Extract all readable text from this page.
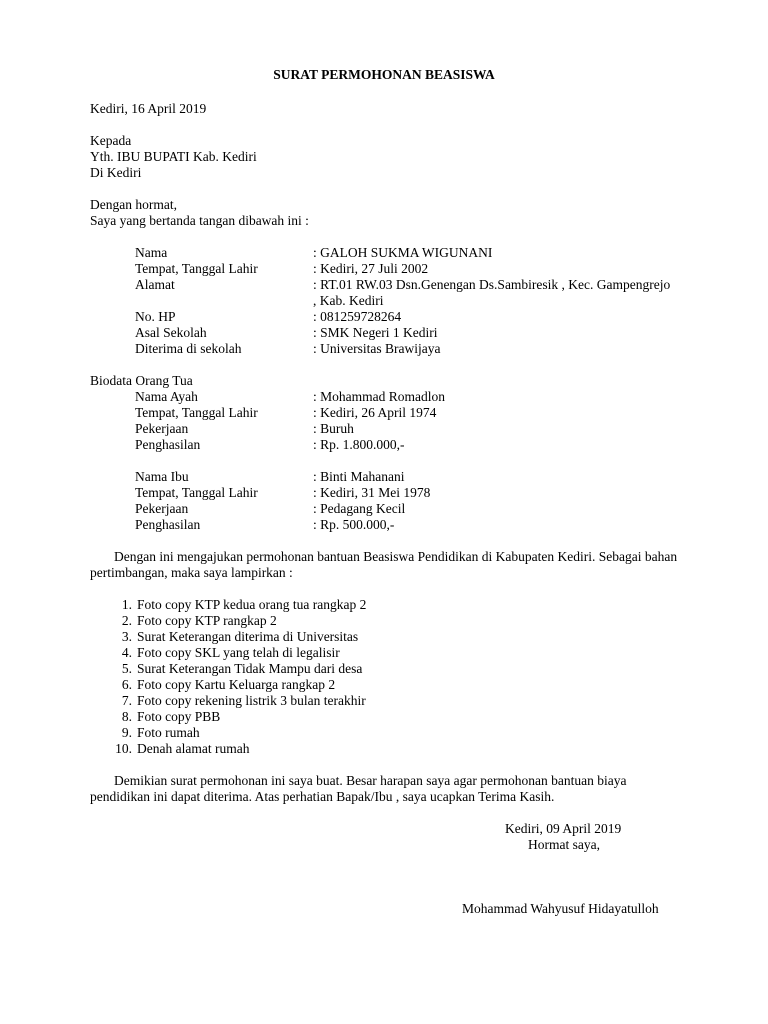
SURAT PERMOHONAN BEASISWA
Kediri, 16 April 2019
Kepada
Yth. IBU BUPATI Kab. Kediri
Di Kediri
Dengan hormat,
Saya yang bertanda tangan dibawah ini :
Nama	: GALOH SUKMA WIGUNANI
Tempat, Tanggal Lahir	: Kediri, 27 Juli 2002
Alamat	: RT.01 RW.03 Dsn.Genengan Ds.Sambiresik , Kec. Gampengrejo
, Kab. Kediri
No. HP	: 081259728264
Asal Sekolah	: SMK Negeri 1 Kediri
Diterima di sekolah	: Universitas Brawijaya
Biodata Orang Tua
Nama Ayah	: Mohammad Romadlon
Tempat, Tanggal Lahir	: Kediri, 26 April 1974
Pekerjaan	: Buruh
Penghasilan	: Rp. 1.800.000,-
Nama Ibu	: Binti Mahanani
Tempat, Tanggal Lahir	: Kediri, 31 Mei 1978
Pekerjaan	: Pedagang Kecil
Penghasilan	: Rp. 500.000,-
Dengan ini mengajukan permohonan bantuan Beasiswa Pendidikan di Kabupaten Kediri. Sebagai bahan
pertimbangan, maka saya lampirkan :
1. Foto copy KTP kedua orang tua rangkap 2
2. Foto copy KTP rangkap 2
3. Surat Keterangan diterima di Universitas
4. Foto copy SKL yang telah di legalisir
5. Surat Keterangan Tidak Mampu dari desa
6. Foto copy Kartu Keluarga rangkap 2
7. Foto copy rekening listrik 3 bulan terakhir
8. Foto copy PBB
9. Foto rumah
10. Denah alamat rumah
Demikian surat permohonan ini saya buat. Besar harapan saya agar permohonan bantuan biaya
pendidikan ini dapat diterima. Atas perhatian Bapak/Ibu , saya ucapkan Terima Kasih.
Kediri, 09 April 2019
Hormat saya,
Mohammad Wahyusuf Hidayatulloh
